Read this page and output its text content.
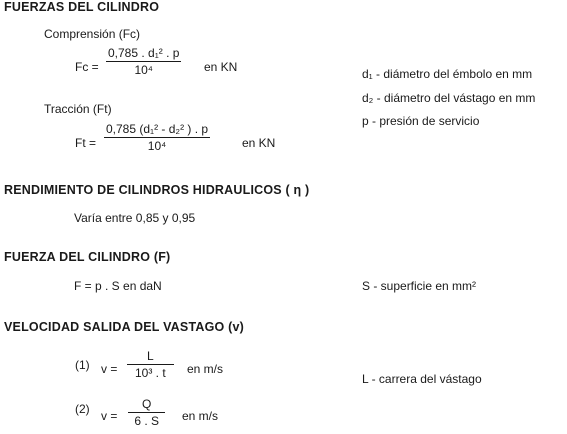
FUERZAS DEL CILINDRO
Comprensión (Fc)
$Fc = \frac{\text{0,785 . d₁² . p}}{\text{10⁴}}$ en KN
Tracción (Ft)
$Ft = \frac{\text{0,785 (d₁² - d₂² ) . p}}{\text{10⁴}}$	en KN
d₁ - diámetro del émbolo en mm
d₂ - diámetro del vástago en mm
p - presión de servicio
RENDIMIENTO DE CILINDROS HIDRAULICOS ( η )
Varía entre 0,85 y 0,95
FUERZA DEL CILINDRO (F)
F = p . S en daN	S - superficie en mm²
VELOCIDAD SALIDA DEL VASTAGO (v)
(1) $v = \frac{L}{\text{10³ . t}}$ en m/s
L - carrera del vástago
(2) $v = \frac{Q}{6 . S}$ en m/s
